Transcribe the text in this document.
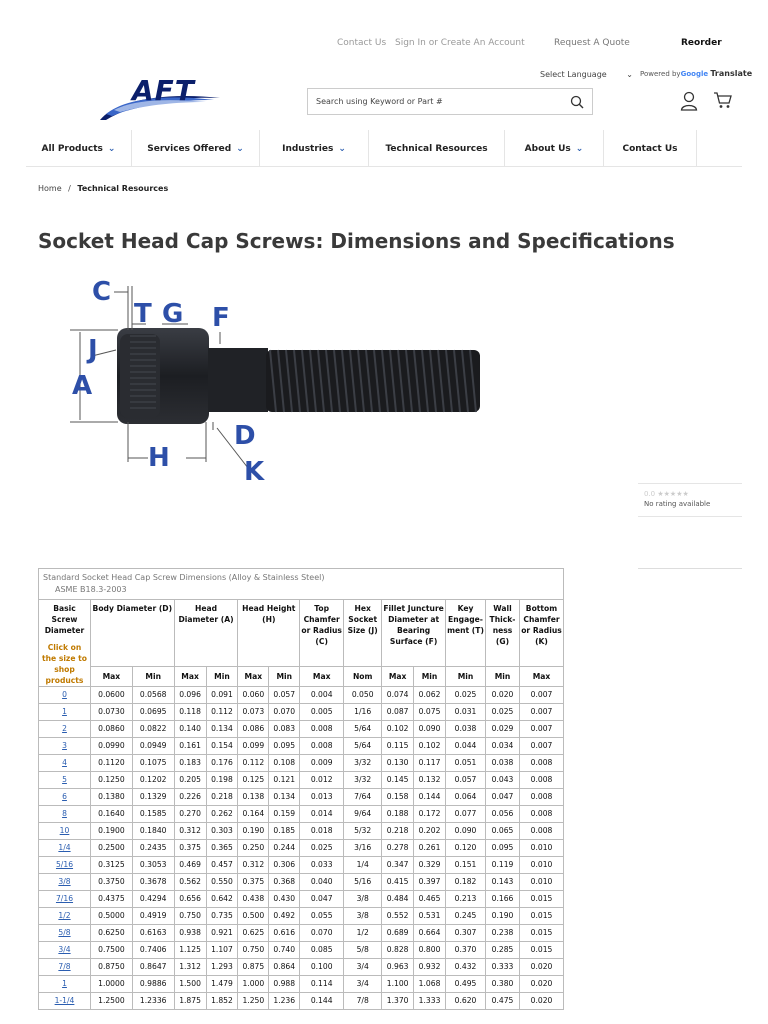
Contact Us Sign In or Create An Account	Request A Quote	Reorder
Select Language ⌄ Powered byGoogle Translate
AFT
Search using Keyword or Part #
All Products ⌄	Services Offered ⌄	Industries ⌄	Technical Resources	About Us ⌄	Contact Us
Home / Technical Resources
Socket Head Cap Screws: Dimensions and Specifications
C
T G F
J
A
D
H	K
0.0 ★★★★★
No rating available
Standard Socket Head Cap Screw Dimensions (Alloy & Stainless Steel)
ASME B18.3-2003
Basic Screw Diameter
Click on the size to shop products	Body Diameter (D)		Head Diameter (A)		Head Height (H)		Top Chamfer or Radius (C)	Hex Socket Size (J)	Fillet Juncture Diameter at Bearing Surface (F)		Key Engage-ment (T)	Wall Thick-ness (G)	Bottom Chamfer or Radius (K)
	Max	Min	Max	Min	Max	Min	Max	Nom	Max	Min	Min	Min	Max
0	0.0600	0.0568	0.096	0.091	0.060	0.057	0.004	0.050	0.074	0.062	0.025	0.020	0.007
1	0.0730	0.0695	0.118	0.112	0.073	0.070	0.005	1/16	0.087	0.075	0.031	0.025	0.007
2	0.0860	0.0822	0.140	0.134	0.086	0.083	0.008	5/64	0.102	0.090	0.038	0.029	0.007
3	0.0990	0.0949	0.161	0.154	0.099	0.095	0.008	5/64	0.115	0.102	0.044	0.034	0.007
4	0.1120	0.1075	0.183	0.176	0.112	0.108	0.009	3/32	0.130	0.117	0.051	0.038	0.008
5	0.1250	0.1202	0.205	0.198	0.125	0.121	0.012	3/32	0.145	0.132	0.057	0.043	0.008
6	0.1380	0.1329	0.226	0.218	0.138	0.134	0.013	7/64	0.158	0.144	0.064	0.047	0.008
8	0.1640	0.1585	0.270	0.262	0.164	0.159	0.014	9/64	0.188	0.172	0.077	0.056	0.008
10	0.1900	0.1840	0.312	0.303	0.190	0.185	0.018	5/32	0.218	0.202	0.090	0.065	0.008
1/4	0.2500	0.2435	0.375	0.365	0.250	0.244	0.025	3/16	0.278	0.261	0.120	0.095	0.010
5/16	0.3125	0.3053	0.469	0.457	0.312	0.306	0.033	1/4	0.347	0.329	0.151	0.119	0.010
3/8	0.3750	0.3678	0.562	0.550	0.375	0.368	0.040	5/16	0.415	0.397	0.182	0.143	0.010
7/16	0.4375	0.4294	0.656	0.642	0.438	0.430	0.047	3/8	0.484	0.465	0.213	0.166	0.015
1/2	0.5000	0.4919	0.750	0.735	0.500	0.492	0.055	3/8	0.552	0.531	0.245	0.190	0.015
5/8	0.6250	0.6163	0.938	0.921	0.625	0.616	0.070	1/2	0.689	0.664	0.307	0.238	0.015
3/4	0.7500	0.7406	1.125	1.107	0.750	0.740	0.085	5/8	0.828	0.800	0.370	0.285	0.015
7/8	0.8750	0.8647	1.312	1.293	0.875	0.864	0.100	3/4	0.963	0.932	0.432	0.333	0.020
1	1.0000	0.9886	1.500	1.479	1.000	0.988	0.114	3/4	1.100	1.068	0.495	0.380	0.020
1-1/4	1.2500	1.2336	1.875	1.852	1.250	1.236	0.144	7/8	1.370	1.333	0.620	0.475	0.020
